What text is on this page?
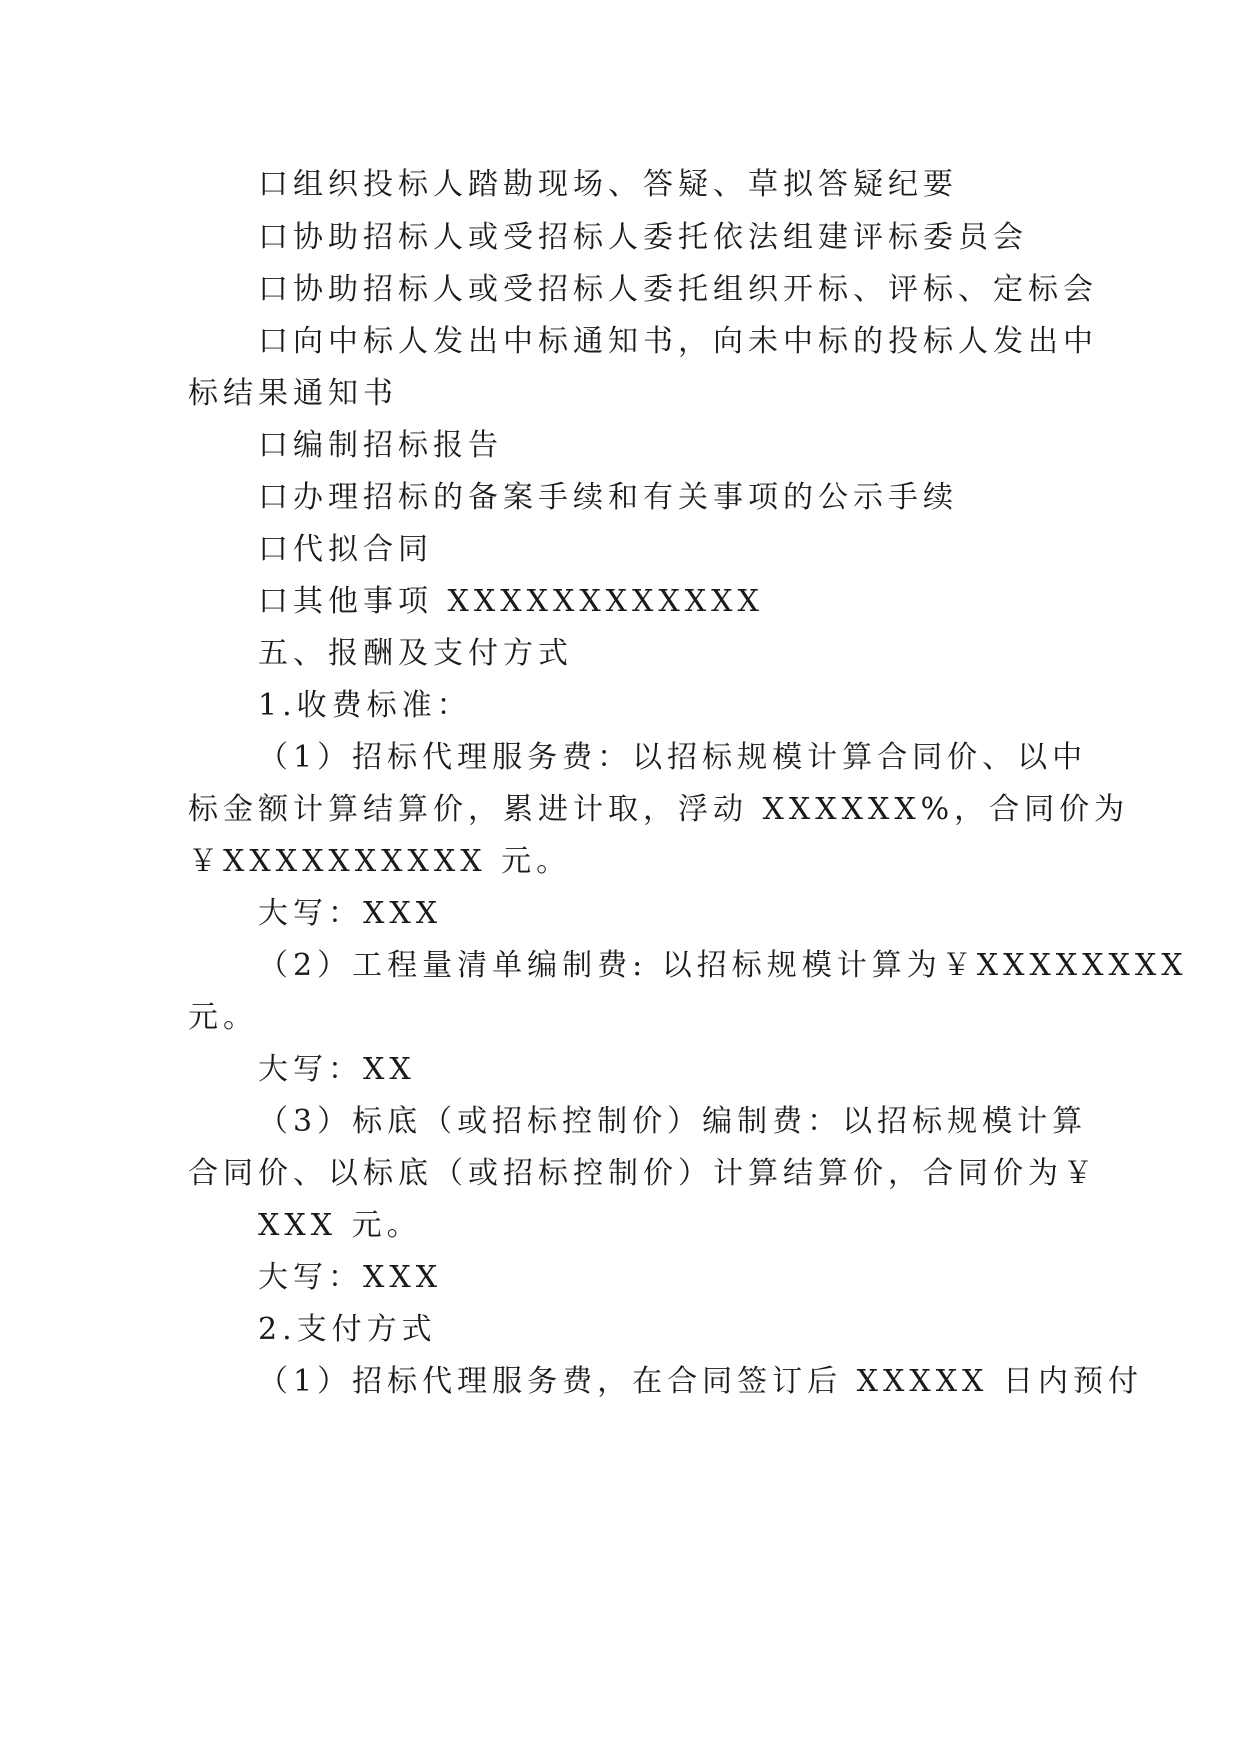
口组织投标人踏勘现场、答疑、草拟答疑纪要
口协助招标人或受招标人委托依法组建评标委员会
口协助招标人或受招标人委托组织开标、评标、定标会
口向中标人发出中标通知书，向未中标的投标人发出中
标结果通知书
口编制招标报告
口办理招标的备案手续和有关事项的公示手续
口代拟合同
口其他事项 XXXXXXXXXXXX
五、报酬及支付方式
1.收费标准：
（1）招标代理服务费：以招标规模计算合同价、以中
标金额计算结算价，累进计取，浮动 XXXXXX%，合同价为
￥XXXXXXXXXX 元。
大写：XXX
（2）工程量清单编制费: 以招标规模计算为￥XXXXXXXX
元。
大写：XX
（3）标底（或招标控制价）编制费：以招标规模计算
合同价、以标底（或招标控制价）计算结算价，合同价为￥
XXX 元。
大写：XXX
2.支付方式
（1）招标代理服务费，在合同签订后 XXXXX 日内预付
